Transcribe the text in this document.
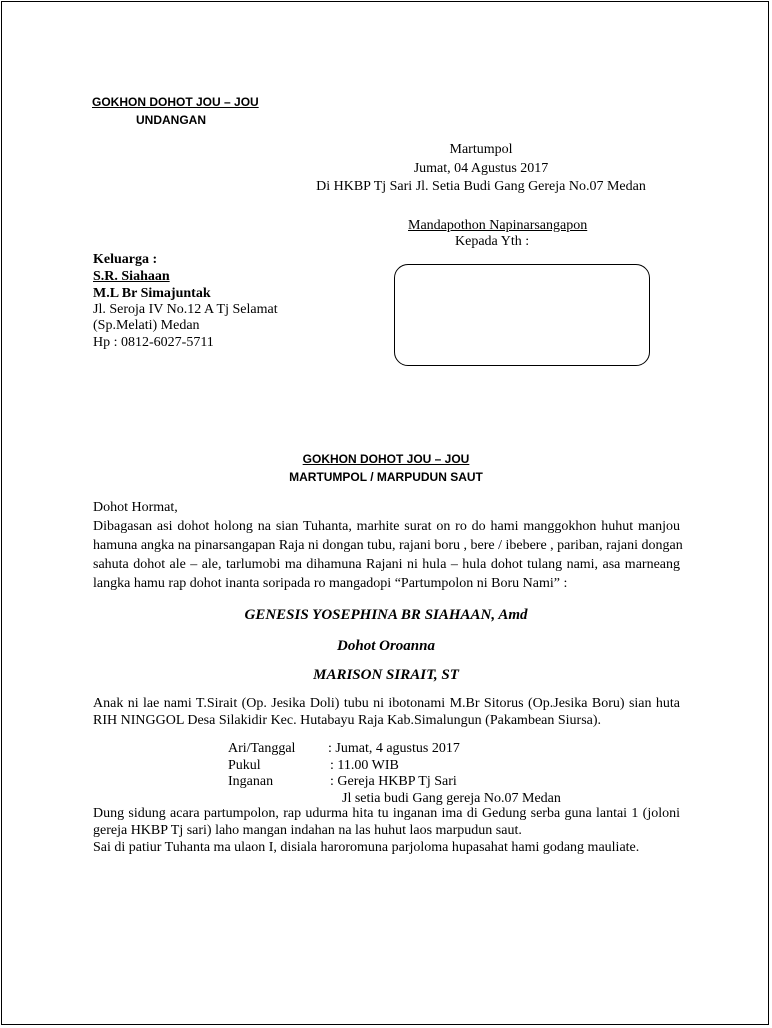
GOKHON DOHOT JOU – JOU
UNDANGAN
Martumpol
Jumat, 04 Agustus 2017
Di HKBP Tj Sari Jl. Setia Budi Gang Gereja No.07 Medan
Mandapothon Napinarsangapon
Kepada Yth :
Keluarga :
S.R. Siahaan
M.L Br Simajuntak
Jl. Seroja IV No.12 A Tj Selamat
(Sp.Melati) Medan
Hp : 0812-6027-5711
GOKHON DOHOT JOU – JOU
MARTUMPOL / MARPUDUN SAUT
Dohot Hormat,
Dibagasan asi dohot holong na sian Tuhanta, marhite surat on ro do hami manggokhon huhut manjou
hamuna angka na pinarsangapan Raja ni dongan tubu, rajani boru , bere / ibebere , pariban, rajani dongan
sahuta dohot ale – ale, tarlumobi ma dihamuna Rajani ni hula – hula dohot tulang nami, asa marneang
langka hamu rap dohot inanta soripada ro mangadopi “Partumpolon ni Boru Nami” :
GENESIS YOSEPHINA BR SIAHAAN, Amd
Dohot Oroanna
MARISON SIRAIT, ST
Anak ni lae nami T.Sirait (Op. Jesika Doli) tubu ni ibotonami M.Br Sitorus (Op.Jesika Boru) sian huta
RIH NINGGOL Desa Silakidir Kec. Hutabayu Raja Kab.Simalungun (Pakambean Siursa).
Ari/Tanggal : Jumat, 4 agustus 2017
Pukul	: 11.00 WIB
Inganan	: Gereja HKBP Tj Sari
Jl setia budi Gang gereja No.07 Medan
Dung sidung acara partumpolon, rap udurma hita tu inganan ima di Gedung serba guna lantai 1 (joloni
gereja HKBP Tj sari) laho mangan indahan na las huhut laos marpudun saut.
Sai di patiur Tuhanta ma ulaon I, disiala haroromuna parjoloma hupasahat hami godang mauliate.
